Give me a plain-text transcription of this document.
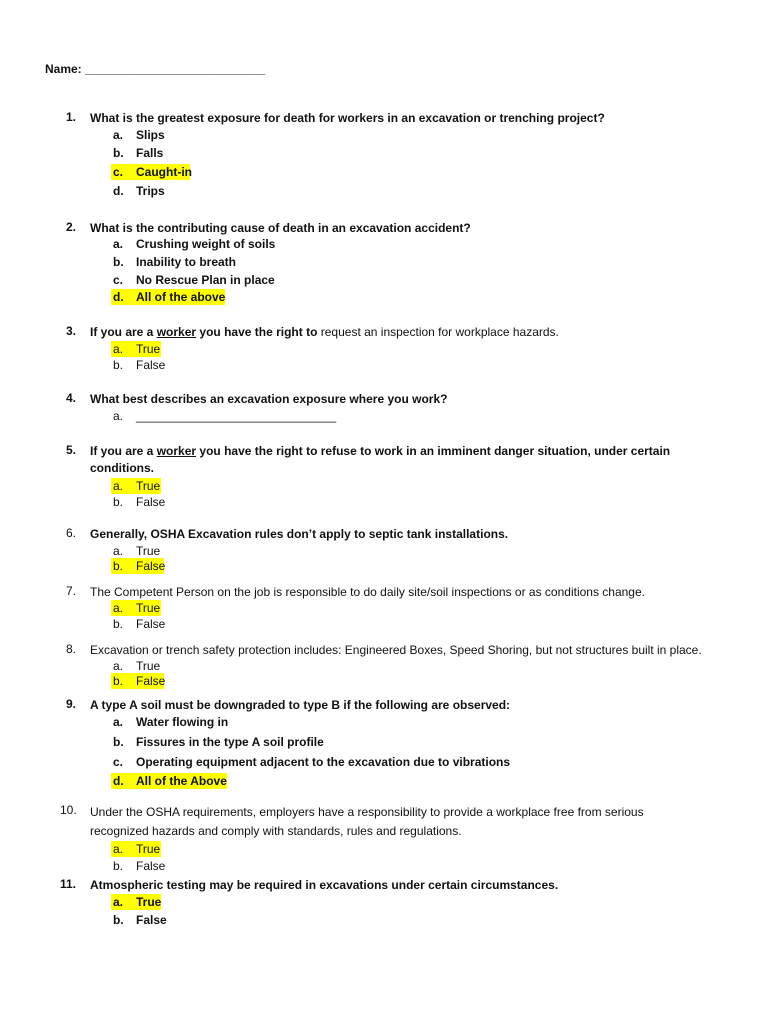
Name: ___________________________
1.	What is the greatest exposure for death for workers in an excavation or trenching project?
a. Slips
b. Falls
c. Caught-in
d. Trips
2.	What is the contributing cause of death in an excavation accident?
a. Crushing weight of soils
b. Inability to breath
c. No Rescue Plan in place
d. All of the above
3.	If you are a worker you have the right to request an inspection for workplace hazards.
a. True
b. False
4.	What best describes an excavation exposure where you work?
a. ______________________________
5.	If you are a worker you have the right to refuse to work in an imminent danger situation, under certain
conditions.
a. True
b. False
6.	Generally, OSHA Excavation rules don’t apply to septic tank installations.
a. True
b. False
7.	The Competent Person on the job is responsible to do daily site/soil inspections or as conditions change.
a. True
b. False
8.	Excavation or trench safety protection includes: Engineered Boxes, Speed Shoring, but not structures built in place.
a. True
b. False
9.	A type A soil must be downgraded to type B if the following are observed:
a. Water flowing in
b. Fissures in the type A soil profile
c. Operating equipment adjacent to the excavation due to vibrations
d. All of the Above
10.	Under the OSHA requirements, employers have a responsibility to provide a workplace free from serious
recognized hazards and comply with standards, rules and regulations.
a. True
b. False
11.	Atmospheric testing may be required in excavations under certain circumstances.
a. True
b. False
